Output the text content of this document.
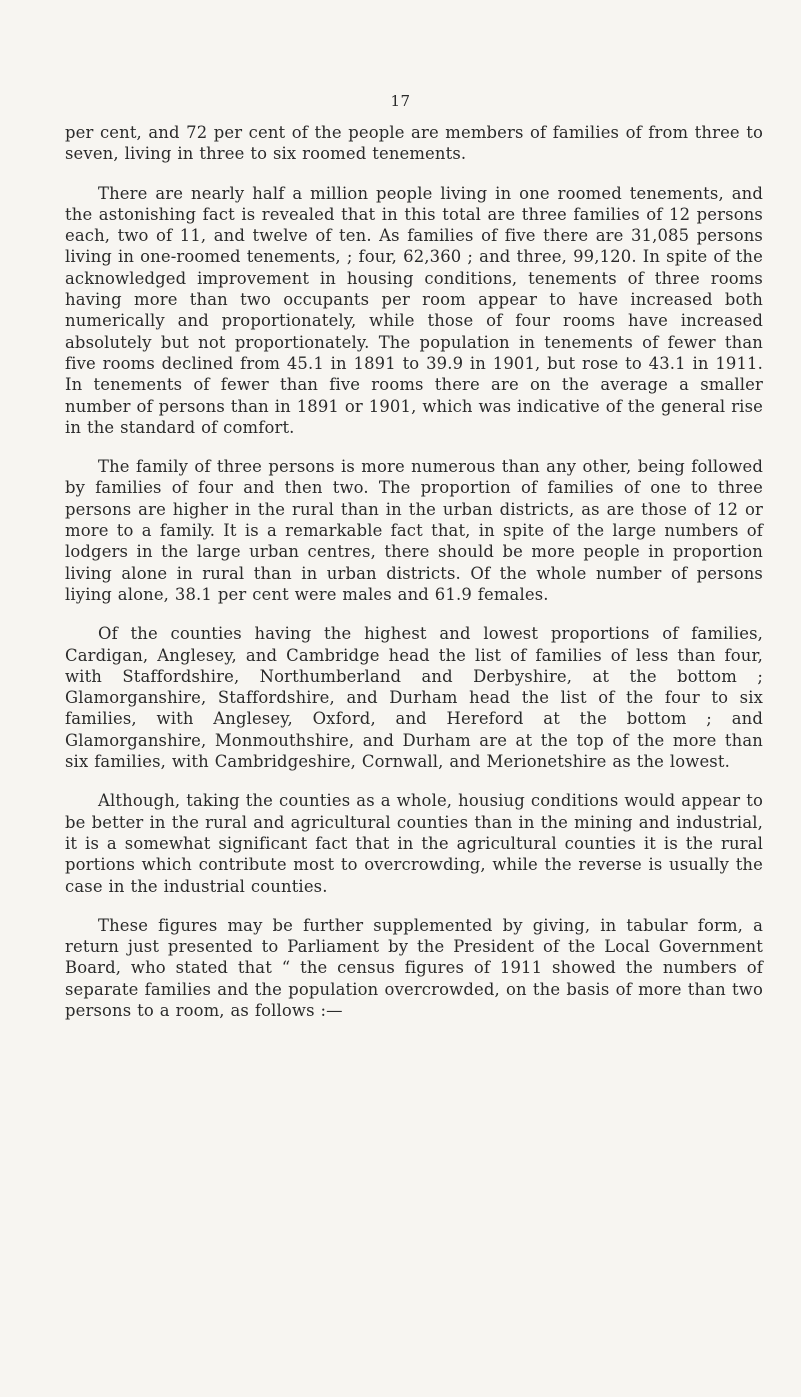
17

per cent, and 72 per cent of the people are members of families of from three to seven, living in three to six roomed tenements.

There are nearly half a million people living in one roomed tenements, and the astonishing fact is revealed that in this total are three families of 12 persons each, two of 11, and twelve of ten. As families of five there are 31,085 persons living in one-roomed tenements, ; four, 62,360 ; and three, 99,120. In spite of the acknowledged improvement in housing conditions, tenements of three rooms having more than two occupants per room appear to have increased both numerically and proportionately, while those of four rooms have increased absolutely but not proportionately. The population in tenements of fewer than five rooms declined from 45.1 in 1891 to 39.9 in 1901, but rose to 43.1 in 1911. In tenements of fewer than five rooms there are on the average a smaller number of persons than in 1891 or 1901, which was indicative of the general rise in the standard of comfort.

The family of three persons is more numerous than any other, being followed by families of four and then two. The proportion of families of one to three persons are higher in the rural than in the urban districts, as are those of 12 or more to a family. It is a remarkable fact that, in spite of the large numbers of lodgers in the large urban centres, there should be more people in proportion living alone in rural than in urban districts. Of the whole number of persons liying alone, 38.1 per cent were males and 61.9 females.

Of the counties having the highest and lowest proportions of families, Cardigan, Anglesey, and Cambridge head the list of families of less than four, with Staffordshire, Northumberland and Derbyshire, at the bottom ; Glamorganshire, Staffordshire, and Durham head the list of the four to six families, with Anglesey, Oxford, and Hereford at the bottom ; and Glamorganshire, Monmouthshire, and Durham are at the top of the more than six families, with Cambridgeshire, Cornwall, and Merionetshire as the lowest.

Although, taking the counties as a whole, housiug conditions would appear to be better in the rural and agricultural counties than in the mining and industrial, it is a somewhat significant fact that in the agricultural counties it is the rural portions which contribute most to overcrowding, while the reverse is usually the case in the industrial counties.

These figures may be further supplemented by giving, in tabular form, a return just presented to Parliament by the President of the Local Government Board, who stated that “ the census figures of 1911 showed the numbers of separate families and the population overcrowded, on the basis of more than two persons to a room, as follows :—
